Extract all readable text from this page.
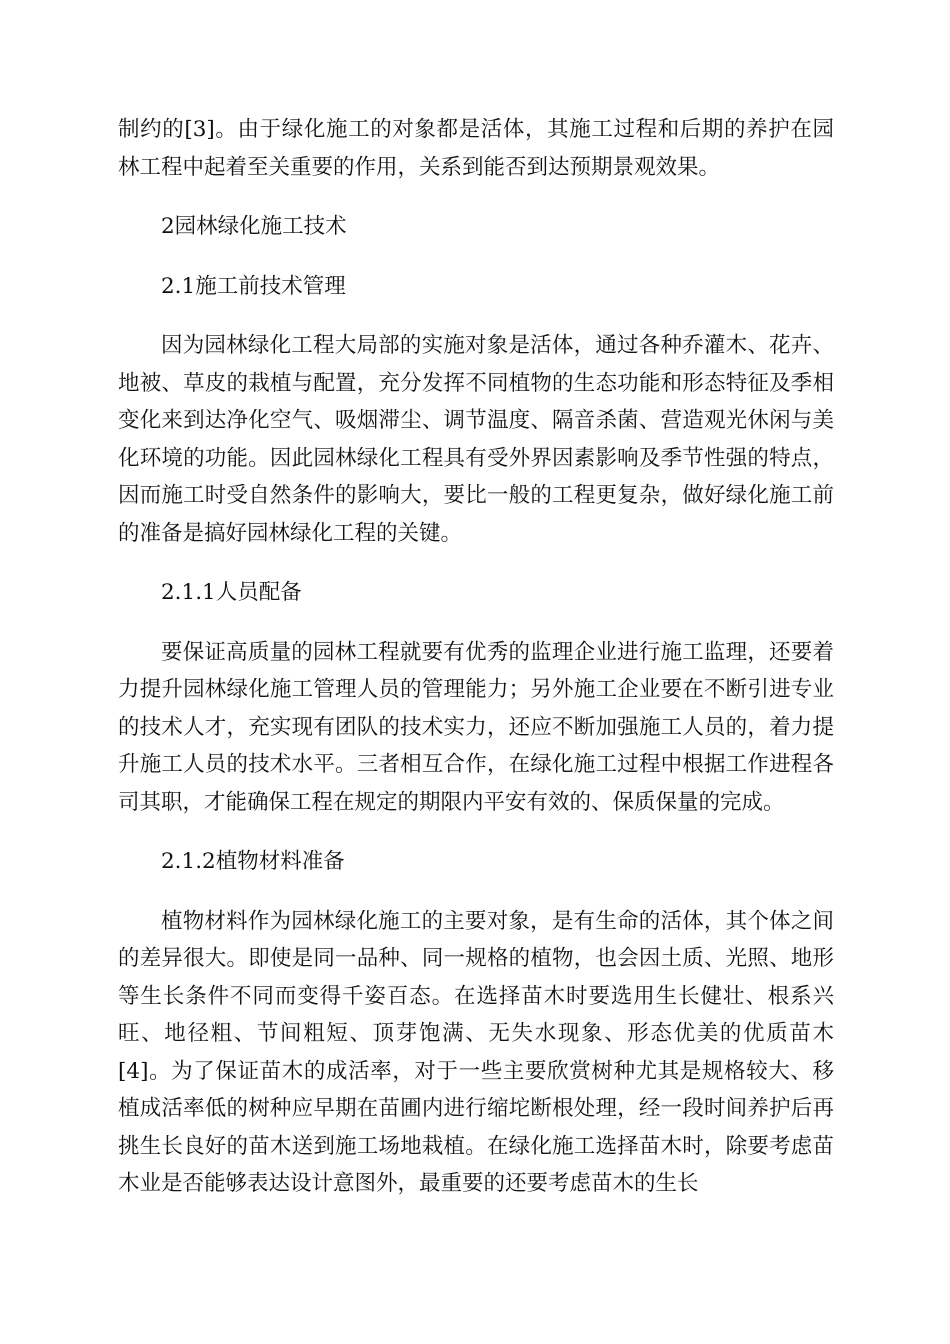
制约的[3]。由于绿化施工的对象都是活体，其施工过程和后期的养护在园林工程中起着至关重要的作用，关系到能否到达预期景观效果。

2园林绿化施工技术

2.1施工前技术管理

因为园林绿化工程大局部的实施对象是活体，通过各种乔灌木、花卉、地被、草皮的栽植与配置，充分发挥不同植物的生态功能和形态特征及季相变化来到达净化空气、吸烟滞尘、调节温度、隔音杀菌、营造观光休闲与美化环境的功能。因此园林绿化工程具有受外界因素影响及季节性强的特点，因而施工时受自然条件的影响大，要比一般的工程更复杂，做好绿化施工前的准备是搞好园林绿化工程的关键。

2.1.1人员配备

要保证高质量的园林工程就要有优秀的监理企业进行施工监理，还要着力提升园林绿化施工管理人员的管理能力；另外施工企业要在不断引进专业的技术人才，充实现有团队的技术实力，还应不断加强施工人员的，着力提升施工人员的技术水平。三者相互合作，在绿化施工过程中根据工作进程各司其职，才能确保工程在规定的期限内平安有效的、保质保量的完成。

2.1.2植物材料准备

植物材料作为园林绿化施工的主要对象，是有生命的活体，其个体之间的差异很大。即使是同一品种、同一规格的植物，也会因土质、光照、地形等生长条件不同而变得千姿百态。在选择苗木时要选用生长健壮、根系兴旺、地径粗、节间粗短、顶芽饱满、无失水现象、形态优美的优质苗木[4]。为了保证苗木的成活率，对于一些主要欣赏树种尤其是规格较大、移植成活率低的树种应早期在苗圃内进行缩坨断根处理，经一段时间养护后再挑生长良好的苗木送到施工场地栽植。在绿化施工选择苗木时，除要考虑苗木业是否能够表达设计意图外，最重要的还要考虑苗木的生长
